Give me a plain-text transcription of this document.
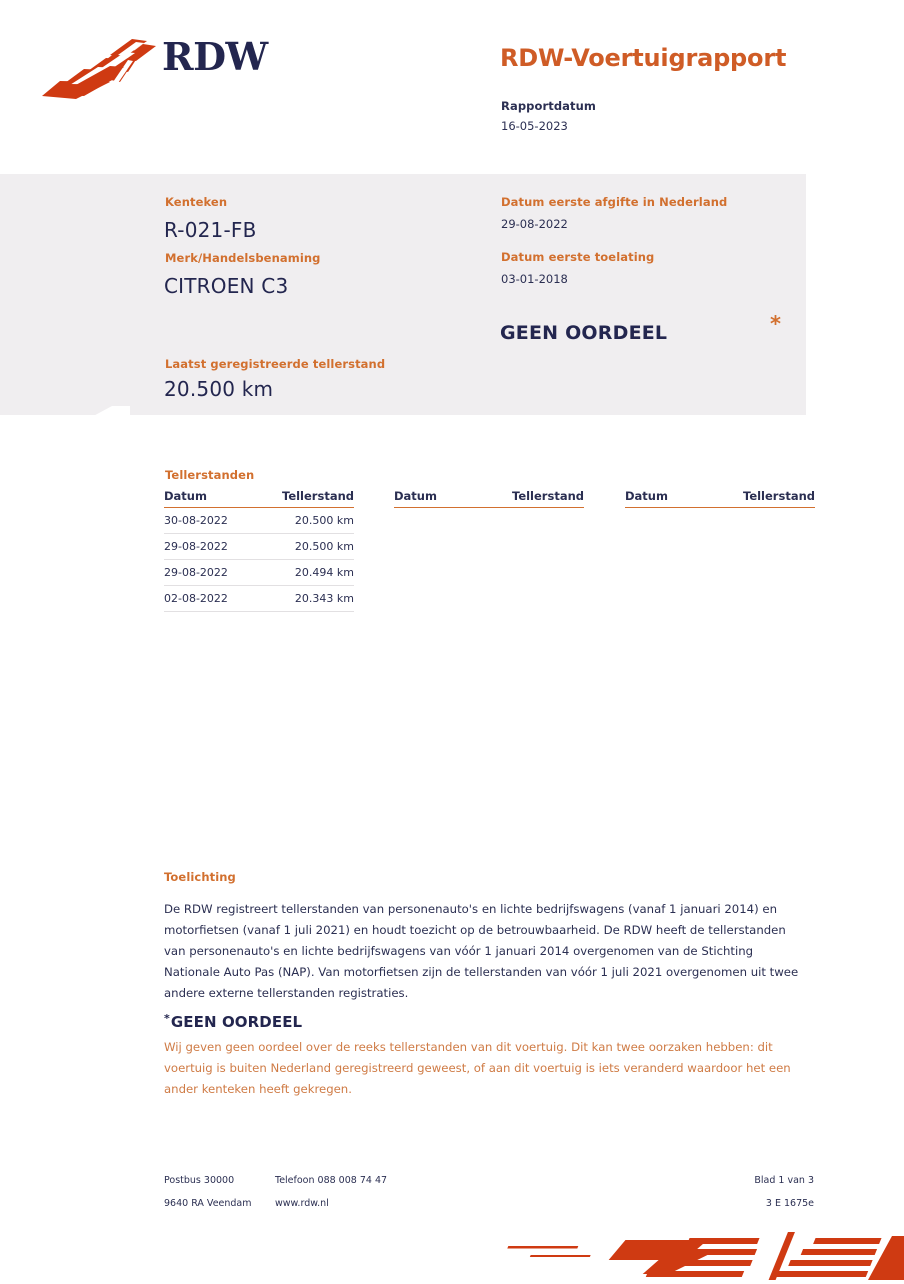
RDW	RDW-Voertuigrapport
Rapportdatum
16-05-2023
Kenteken
R-021-FB
Merk/Handelsbenaming
CITROEN C3
Laatst geregistreerde tellerstand
20.500 km
Datum eerste afgifte in Nederland
29-08-2022
Datum eerste toelating
03-01-2018
GEEN OORDEEL	*
Tellerstanden
Datum	Tellerstand
30-08-2022	20.500 km
29-08-2022	20.500 km
29-08-2022	20.494 km
02-08-2022	20.343 km
Datum	Tellerstand	Datum	Tellerstand
Toelichting
De RDW registreert tellerstanden van personenauto's en lichte bedrijfswagens (vanaf 1 januari 2014) en motorfietsen (vanaf 1 juli 2021) en houdt toezicht op de betrouwbaarheid. De RDW heeft de tellerstanden van personenauto's en lichte bedrijfswagens van vóór 1 januari 2014 overgenomen van de Stichting Nationale Auto Pas (NAP). Van motorfietsen zijn de tellerstanden van vóór 1 juli 2021 overgenomen uit twee andere externe tellerstanden registraties.
*GEEN OORDEEL
Wij geven geen oordeel over de reeks tellerstanden van dit voertuig. Dit kan twee oorzaken hebben: dit voertuig is buiten Nederland geregistreerd geweest, of aan dit voertuig is iets veranderd waardoor het een ander kenteken heeft gekregen.
Postbus 30000
9640 RA Veendam
Telefoon 088 008 74 47
www.rdw.nl
Blad 1 van 3
3 E 1675e
